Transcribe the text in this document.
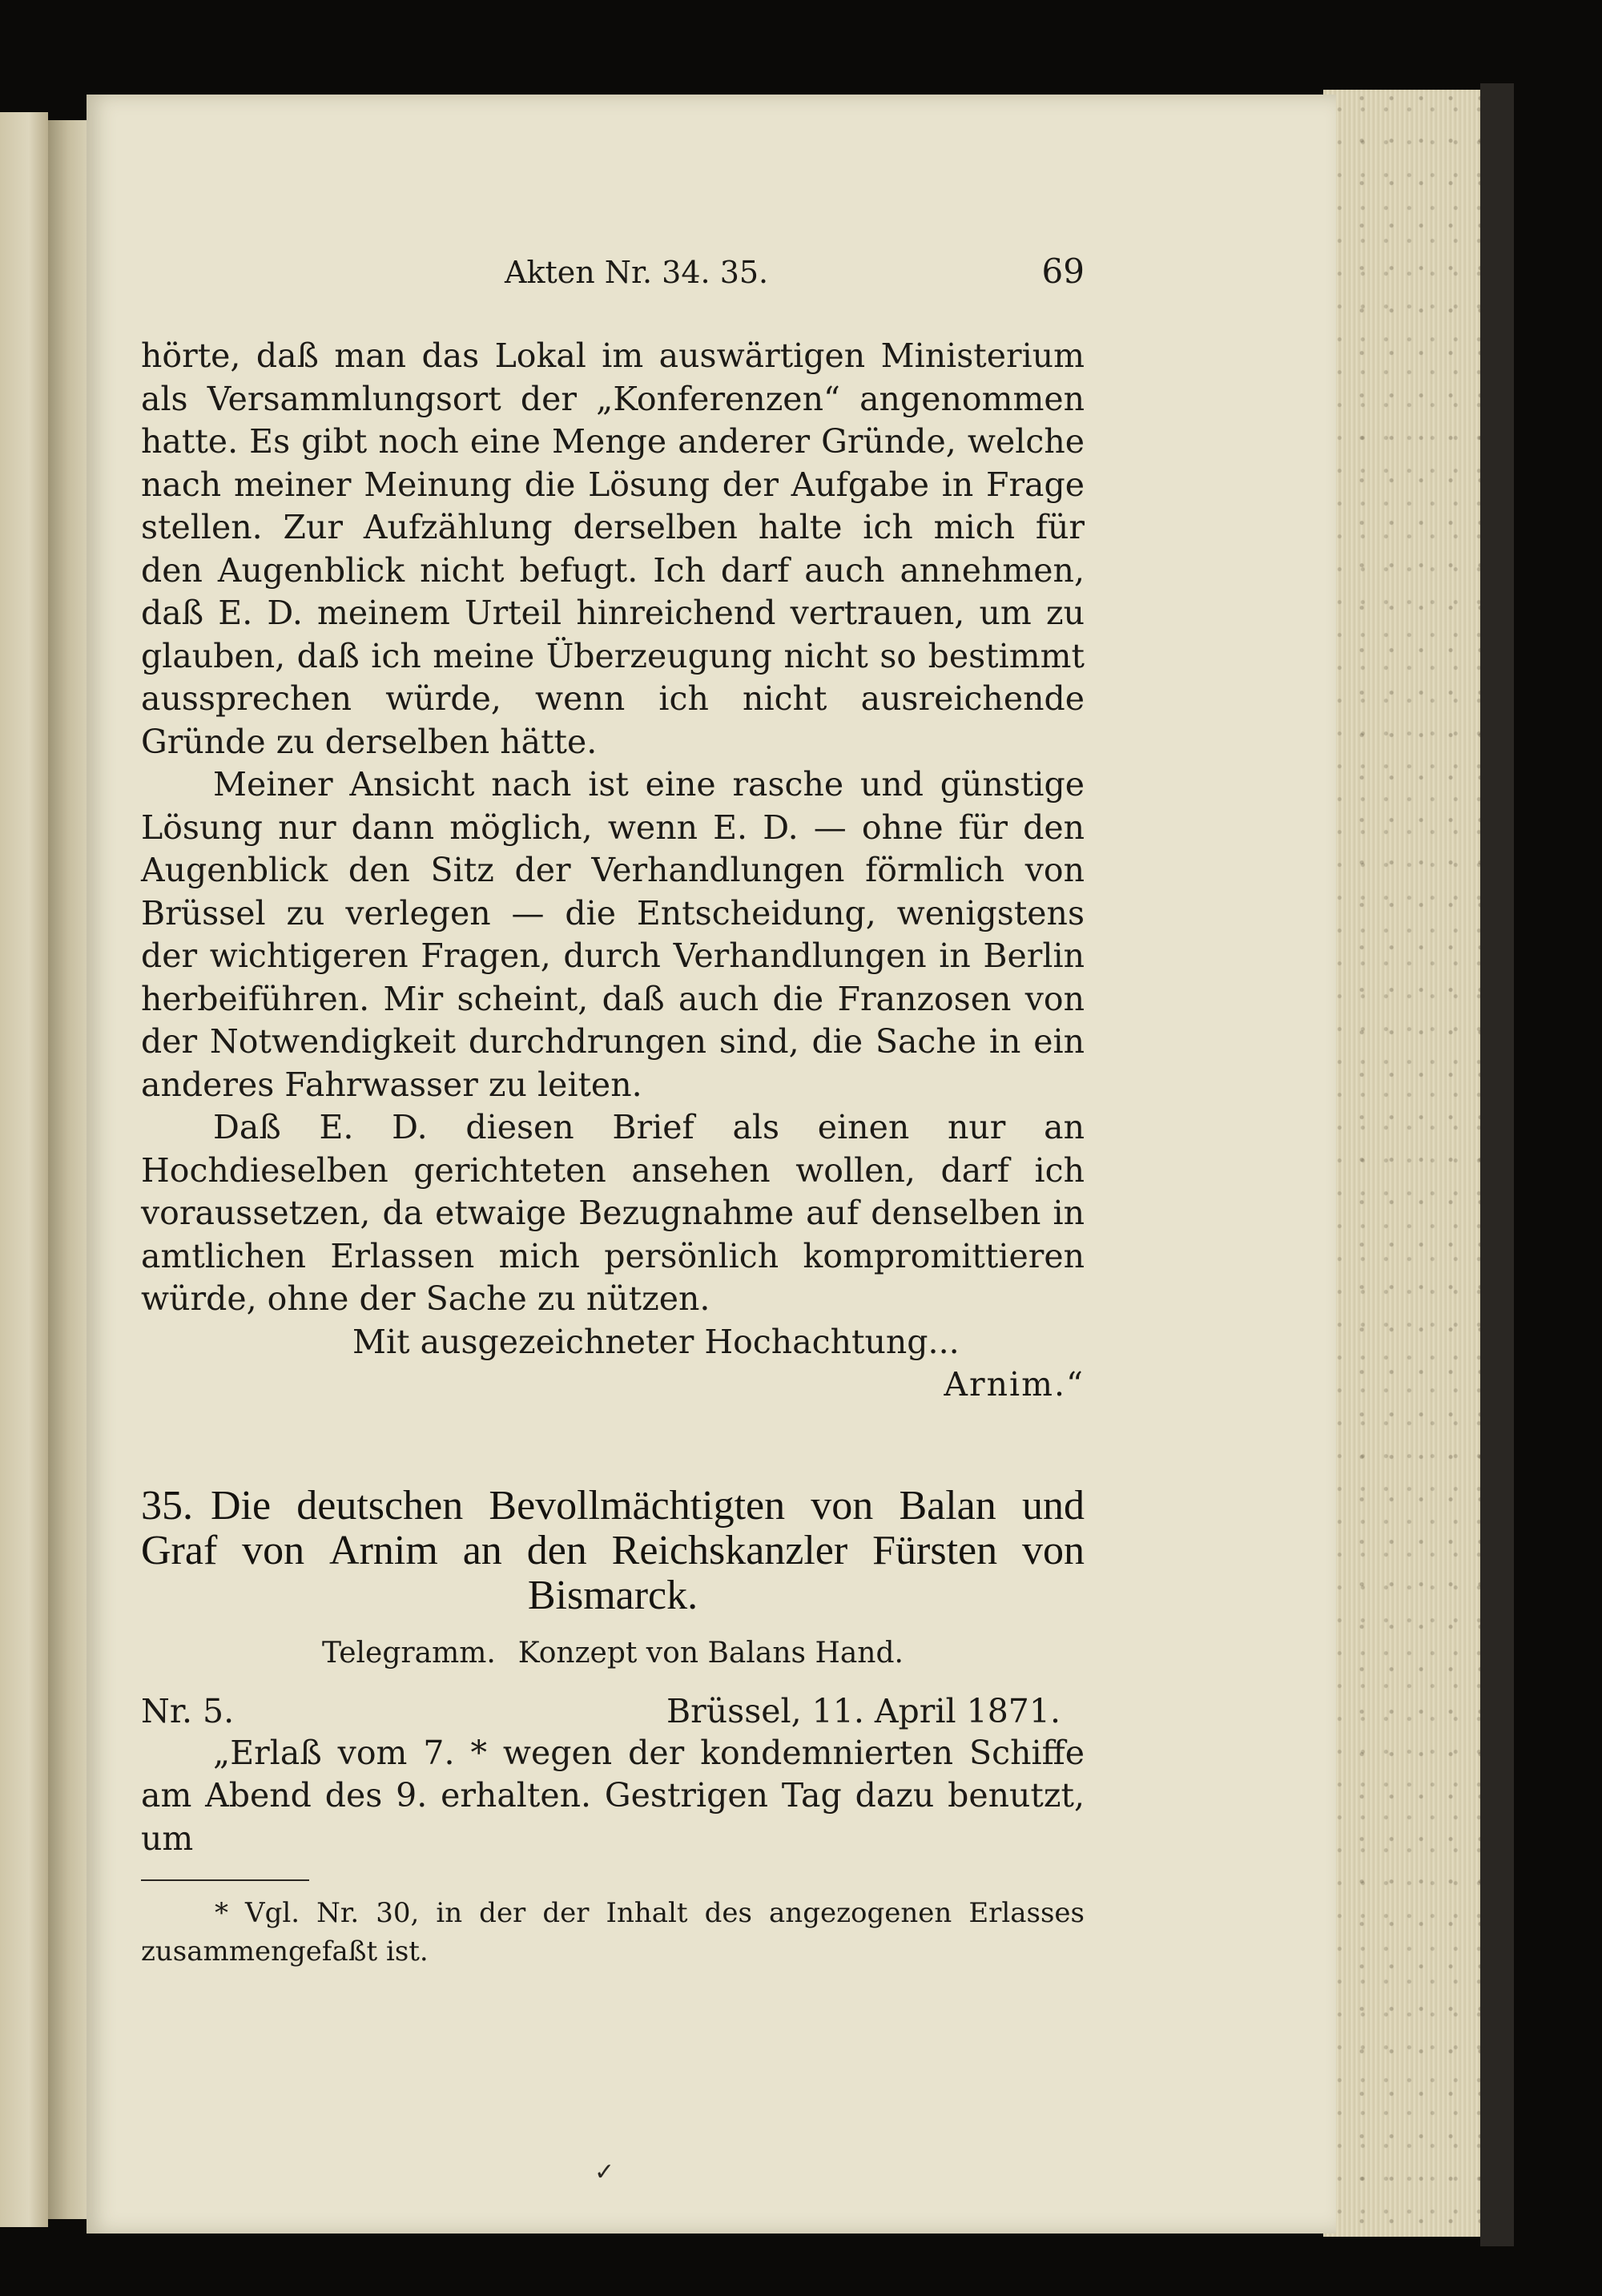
Akten Nr. 34. 35.	69

hörte, daß man das Lokal im auswärtigen Ministerium als Versammlungsort der „Konferenzen“ angenommen hatte. Es gibt noch eine Menge anderer Gründe, welche nach meiner Meinung die Lösung der Aufgabe in Frage stellen. Zur Aufzählung derselben halte ich mich für den Augenblick nicht befugt. Ich darf auch annehmen, daß E. D. meinem Urteil hinreichend vertrauen, um zu glauben, daß ich meine Überzeugung nicht so bestimmt aussprechen würde, wenn ich nicht ausreichende Gründe zu derselben hätte.

Meiner Ansicht nach ist eine rasche und günstige Lösung nur dann möglich, wenn E. D. — ohne für den Augenblick den Sitz der Verhandlungen förmlich von Brüssel zu verlegen — die Entscheidung, wenigstens der wichtigeren Fragen, durch Verhandlungen in Berlin herbeiführen. Mir scheint, daß auch die Franzosen von der Notwendigkeit durchdrungen sind, die Sache in ein anderes Fahrwasser zu leiten.

Daß E. D. diesen Brief als einen nur an Hochdieselben gerichteten ansehen wollen, darf ich voraussetzen, da etwaige Bezugnahme auf denselben in amtlichen Erlassen mich persönlich kompromittieren würde, ohne der Sache zu nützen.

Mit ausgezeichneter Hochachtung...

Arnim.“

35. Die deutschen Bevollmächtigten von Balan und
Graf von Arnim an den Reichskanzler Fürsten von
Bismarck.

Telegramm. Konzept von Balans Hand.

Nr. 5.	Brüssel, 11. April 1871.

„Erlaß vom 7. * wegen der kondemnierten Schiffe am Abend des 9. erhalten. Gestrigen Tag dazu benutzt, um

* Vgl. Nr. 30, in der der Inhalt des angezogenen Erlasses zusammengefaßt ist.

✓
